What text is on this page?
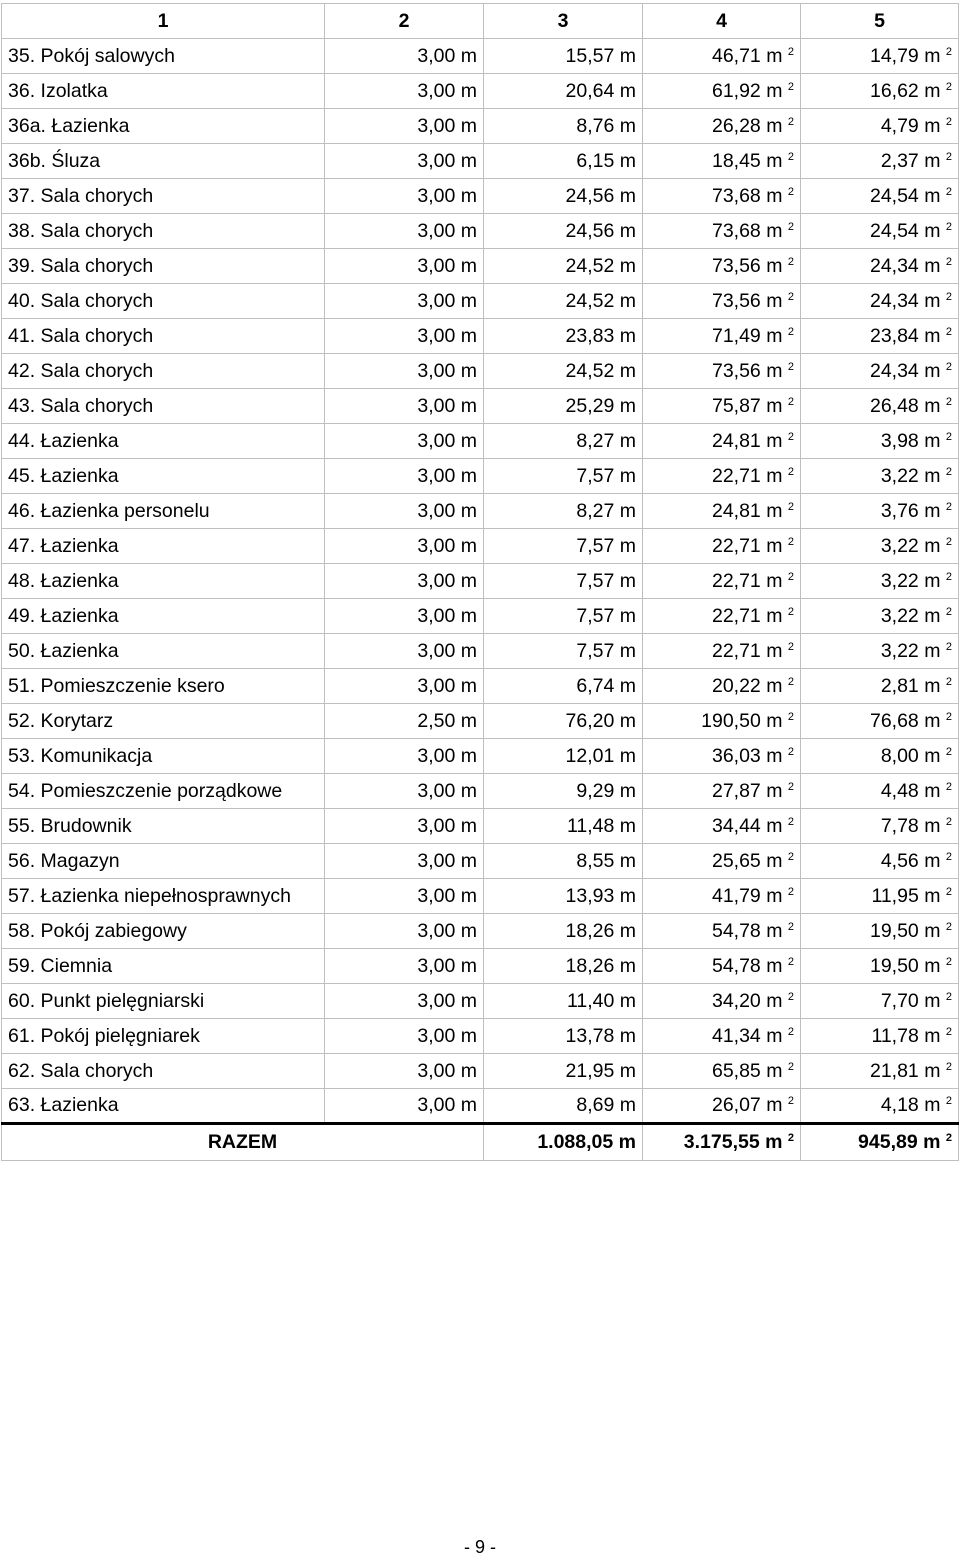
1	2	3	4	5
35. Pokój salowych	3,00 m	15,57 m	46,71 m $^2$	14,79 m $^2$
36. Izolatka	3,00 m	20,64 m	61,92 m $^2$	16,62 m $^2$
36a. Łazienka	3,00 m	8,76 m	26,28 m $^2$	4,79 m $^2$
36b. Śluza	3,00 m	6,15 m	18,45 m $^2$	2,37 m $^2$
37. Sala chorych	3,00 m	24,56 m	73,68 m $^2$	24,54 m $^2$
38. Sala chorych	3,00 m	24,56 m	73,68 m $^2$	24,54 m $^2$
39. Sala chorych	3,00 m	24,52 m	73,56 m $^2$	24,34 m $^2$
40. Sala chorych	3,00 m	24,52 m	73,56 m $^2$	24,34 m $^2$
41. Sala chorych	3,00 m	23,83 m	71,49 m $^2$	23,84 m $^2$
42. Sala chorych	3,00 m	24,52 m	73,56 m $^2$	24,34 m $^2$
43. Sala chorych	3,00 m	25,29 m	75,87 m $^2$	26,48 m $^2$
44. Łazienka	3,00 m	8,27 m	24,81 m $^2$	3,98 m $^2$
45. Łazienka	3,00 m	7,57 m	22,71 m $^2$	3,22 m $^2$
46. Łazienka personelu	3,00 m	8,27 m	24,81 m $^2$	3,76 m $^2$
47. Łazienka	3,00 m	7,57 m	22,71 m $^2$	3,22 m $^2$
48. Łazienka	3,00 m	7,57 m	22,71 m $^2$	3,22 m $^2$
49. Łazienka	3,00 m	7,57 m	22,71 m $^2$	3,22 m $^2$
50. Łazienka	3,00 m	7,57 m	22,71 m $^2$	3,22 m $^2$
51. Pomieszczenie ksero	3,00 m	6,74 m	20,22 m $^2$	2,81 m $^2$
52. Korytarz	2,50 m	76,20 m	190,50 m $^2$	76,68 m $^2$
53. Komunikacja	3,00 m	12,01 m	36,03 m $^2$	8,00 m $^2$
54. Pomieszczenie porządkowe	3,00 m	9,29 m	27,87 m $^2$	4,48 m $^2$
55. Brudownik	3,00 m	11,48 m	34,44 m $^2$	7,78 m $^2$
56. Magazyn	3,00 m	8,55 m	25,65 m $^2$	4,56 m $^2$
57. Łazienka niepełnosprawnych	3,00 m	13,93 m	41,79 m $^2$	11,95 m $^2$
58. Pokój zabiegowy	3,00 m	18,26 m	54,78 m $^2$	19,50 m $^2$
59. Ciemnia	3,00 m	18,26 m	54,78 m $^2$	19,50 m $^2$
60. Punkt pielęgniarski	3,00 m	11,40 m	34,20 m $^2$	7,70 m $^2$
61. Pokój pielęgniarek	3,00 m	13,78 m	41,34 m $^2$	11,78 m $^2$
62. Sala chorych	3,00 m	21,95 m	65,85 m $^2$	21,81 m $^2$
63. Łazienka	3,00 m	8,69 m	26,07 m $^2$	4,18 m $^2$
RAZEM		1.088,05 m	3.175,55 m $^2$	945,89 m $^2$
- 9 -
